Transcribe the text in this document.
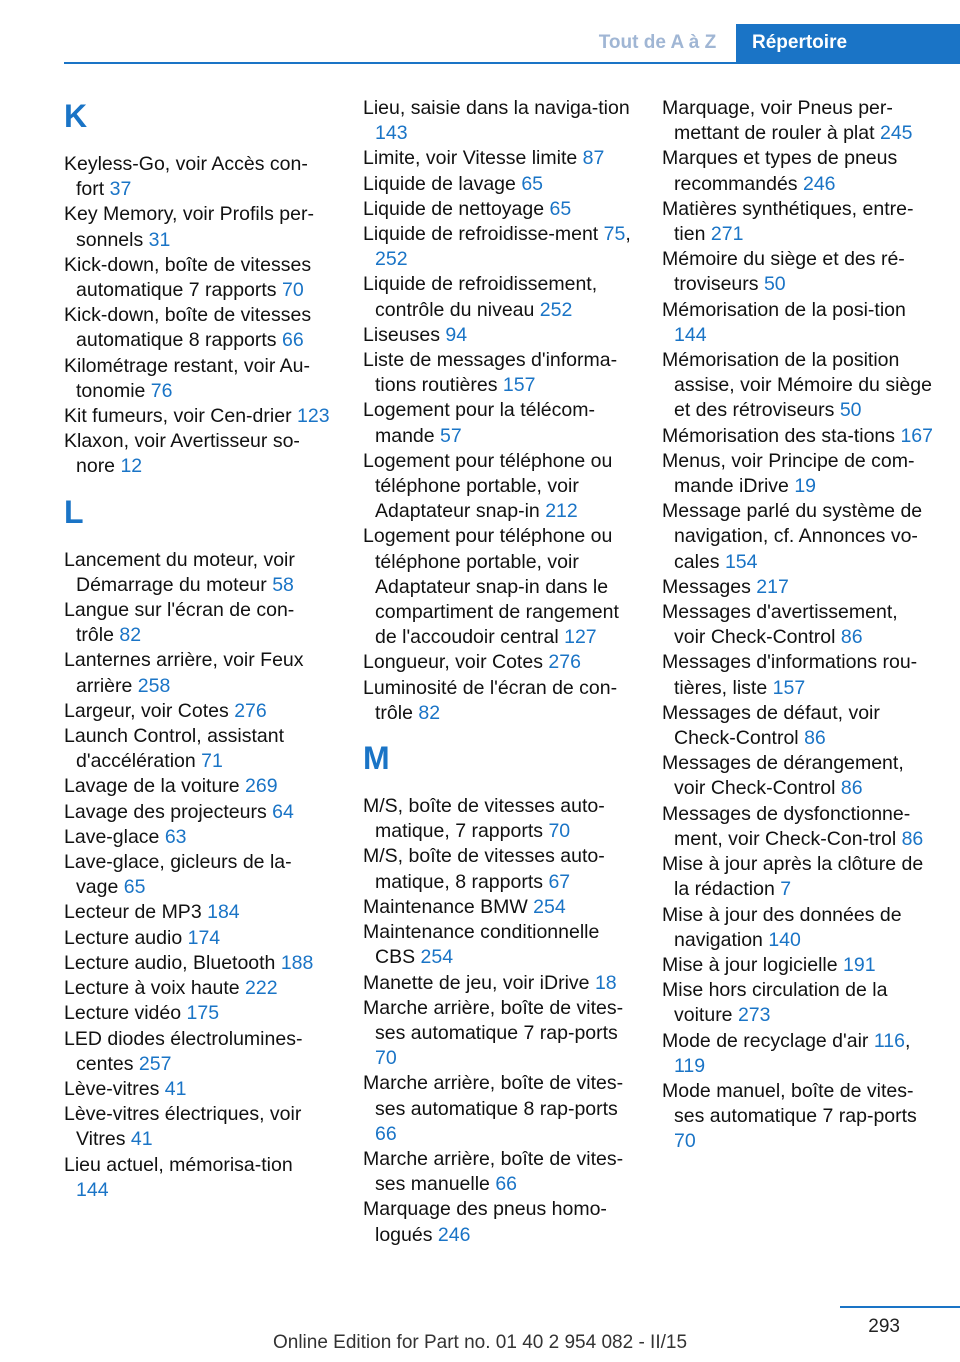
Tout de A à Z	Répertoire
K
Keyless-Go, voir Accès con-fort 37
Key Memory, voir Profils per-sonnels 31
Kick-down, boîte de vitesses automatique 7 rapports 70
Kick-down, boîte de vitesses automatique 8 rapports 66
Kilométrage restant, voir Au-tonomie 76
Kit fumeurs, voir Cen-drier 123
Klaxon, voir Avertisseur so-nore 12
L
Lancement du moteur, voir Démarrage du moteur 58
Langue sur l'écran de con-trôle 82
Lanternes arrière, voir Feux arrière 258
Largeur, voir Cotes 276
Launch Control, assistant d'accélération 71
Lavage de la voiture 269
Lavage des projecteurs 64
Lave-glace 63
Lave-glace, gicleurs de la-vage 65
Lecteur de MP3 184
Lecture audio 174
Lecture audio, Bluetooth 188
Lecture à voix haute 222
Lecture vidéo 175
LED diodes électrolumines-centes 257
Lève-vitres 41
Lève-vitres électriques, voir Vitres 41
Lieu actuel, mémorisa-tion 144
Lieu, saisie dans la naviga-tion 143
Limite, voir Vitesse limite 87
Liquide de lavage 65
Liquide de nettoyage 65
Liquide de refroidisse-ment 75, 252
Liquide de refroidissement, contrôle du niveau 252
Liseuses 94
Liste de messages d'informa-tions routières 157
Logement pour la télécom-mande 57
Logement pour téléphone ou téléphone portable, voir Adaptateur snap-in 212
Logement pour téléphone ou téléphone portable, voir Adaptateur snap-in dans le compartiment de rangement de l'accoudoir central 127
Longueur, voir Cotes 276
Luminosité de l'écran de con-trôle 82
M
M/S, boîte de vitesses auto-matique, 7 rapports 70
M/S, boîte de vitesses auto-matique, 8 rapports 67
Maintenance BMW 254
Maintenance conditionnelle CBS 254
Manette de jeu, voir iDrive 18
Marche arrière, boîte de vites-ses automatique 7 rap-ports 70
Marche arrière, boîte de vites-ses automatique 8 rap-ports 66
Marche arrière, boîte de vites-ses manuelle 66
Marquage des pneus homo-logués 246
Marquage, voir Pneus per-mettant de rouler à plat 245
Marques et types de pneus recommandés 246
Matières synthétiques, entre-tien 271
Mémoire du siège et des ré-troviseurs 50
Mémorisation de la posi-tion 144
Mémorisation de la position assise, voir Mémoire du siège et des rétroviseurs 50
Mémorisation des sta-tions 167
Menus, voir Principe de com-mande iDrive 19
Message parlé du système de navigation, cf. Annonces vo-cales 154
Messages 217
Messages d'avertissement, voir Check-Control 86
Messages d'informations rou-tières, liste 157
Messages de défaut, voir Check-Control 86
Messages de dérangement, voir Check-Control 86
Messages de dysfonctionne-ment, voir Check-Con-trol 86
Mise à jour après la clôture de la rédaction 7
Mise à jour des données de navigation 140
Mise à jour logicielle 191
Mise hors circulation de la voiture 273
Mode de recyclage d'air 116, 119
Mode manuel, boîte de vites-ses automatique 7 rap-ports 70
293
Online Edition for Part no. 01 40 2 954 082 - II/15
